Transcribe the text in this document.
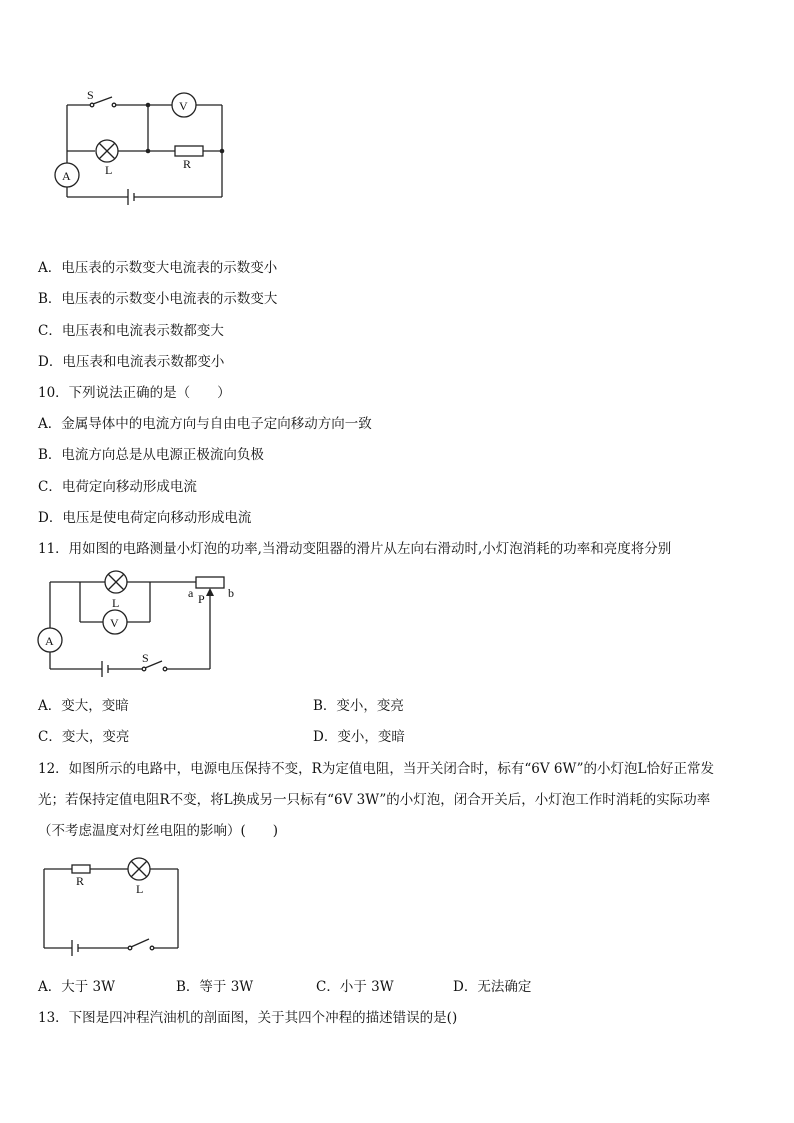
V
L	R
A
S
A．电压表的示数变大电流表的示数变小
B．电压表的示数变小电流表的示数变大
C．电压表和电流表示数都变大
D．电压表和电流表示数都变小
10．下列说法正确的是（　　）
A．金属导体中的电流方向与自由电子定向移动方向一致
B．电流方向总是从电源正极流向负极
C．电荷定向移动形成电流
D．电压是使电荷定向移动形成电流
11．用如图的电路测量小灯泡的功率,当滑动变阻器的滑片从左向右滑动时,小灯泡消耗的功率和亮度将分别
L
V
a	b
P
A
S
A．变大，变暗	B．变小，变亮
C．变大，变亮	D．变小，变暗
12．如图所示的电路中，电源电压保持不变，R为定值电阻，当开关闭合时，标有“6V 6W”的小灯泡L恰好正常发
光；若保持定值电阻R不变，将L换成另一只标有“6V 3W”的小灯泡，闭合开关后，小灯泡工作时消耗的实际功率
（不考虑温度对灯丝电阻的影响）(　　)
R
L
A．大于 3W	B．等于 3W	C．小于 3W	D．无法确定
13．下图是四冲程汽油机的剖面图，关于其四个冲程的描述错误的是()
